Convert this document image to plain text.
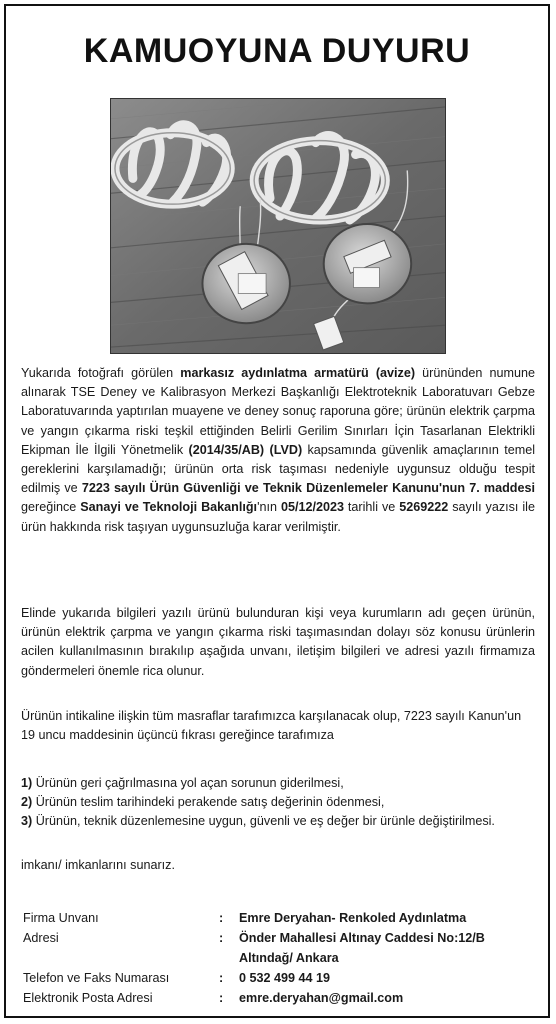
KAMUOYUNA DUYURU
Yukarıda fotoğrafı görülen markasız aydınlatma armatürü (avize) ürününden numune alınarak TSE Deney ve Kalibrasyon Merkezi Başkanlığı Elektroteknik Laboratuvarı Gebze Laboratuvarında yaptırılan muayene ve deney sonuç raporuna göre; ürünün elektrik çarpma ve yangın çıkarma riski teşkil ettiğinden Belirli Gerilim Sınırları İçin Tasarlanan Elektrikli Ekipman İle İlgili Yönetmelik (2014/35/AB) (LVD) kapsamında güvenlik amaçlarının temel gereklerini karşılamadığı; ürünün orta risk taşıması nedeniyle uygunsuz olduğu tespit edilmiş ve 7223 sayılı Ürün Güvenliği ve Teknik Düzenlemeler Kanunu'nun 7. maddesi gereğince Sanayi ve Teknoloji Bakanlığı'nın 05/12/2023 tarihli ve 5269222 sayılı yazısı ile ürün hakkında risk taşıyan uygunsuzluğa karar verilmiştir.
Elinde yukarıda bilgileri yazılı ürünü bulunduran kişi veya kurumların adı geçen ürünün, ürünün elektrik çarpma ve yangın çıkarma riski taşımasından dolayı söz konusu ürünlerin acilen kullanılmasının bırakılıp aşağıda unvanı, iletişim bilgileri ve adresi yazılı firmamıza göndermeleri önemle rica olunur.
Ürünün intikaline ilişkin tüm masraflar tarafımızca karşılanacak olup, 7223 sayılı Kanun'un 19 uncu maddesinin üçüncü fıkrası gereğince tarafımıza
1) Ürünün geri çağrılmasına yol açan sorunun giderilmesi,
2) Ürünün teslim tarihindeki perakende satış değerinin ödenmesi,
3) Ürünün, teknik düzenlemesine uygun, güvenli ve eş değer bir ürünle değiştirilmesi.
imkanı/ imkanlarını sunarız.
Firma Unvanı	: Emre Deryahan- Renkoled Aydınlatma
Adresi	: Önder Mahallesi Altınay Caddesi No:12/B
Altındağ/ Ankara
Telefon ve Faks Numarası	: 0 532 499 44 19
Elektronik Posta Adresi	: emre.deryahan@gmail.com
